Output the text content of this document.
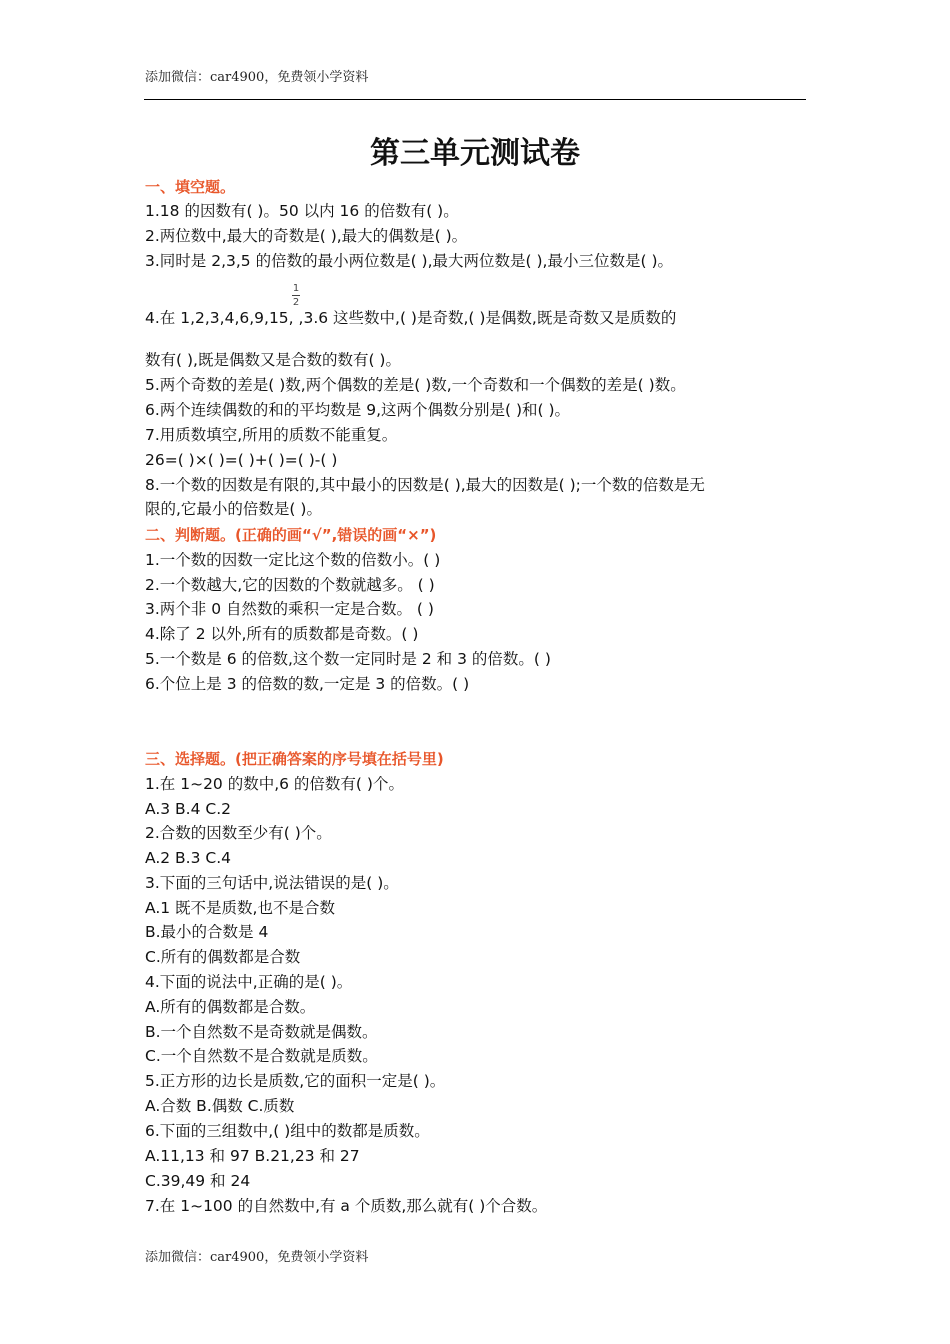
添加微信：car4900，免费领小学资料
第三单元测试卷
一、填空题。
1.18 的因数有( )。50 以内 16 的倍数有( )。
2.两位数中,最大的奇数是( ),最大的偶数是( )。
3.同时是 2,3,5 的倍数的最小两位数是( ),最大两位数是( ),最小三位数是( )。
1
2
4.在 1,2,3,4,6,9,15, ,3.6 这些数中,( )是奇数,( )是偶数,既是奇数又是质数的
数有( ),既是偶数又是合数的数有( )。
5.两个奇数的差是( )数,两个偶数的差是( )数,一个奇数和一个偶数的差是( )数。
6.两个连续偶数的和的平均数是 9,这两个偶数分别是( )和( )。
7.用质数填空,所用的质数不能重复。
26=( )×( )=( )+( )=( )-( )
8.一个数的因数是有限的,其中最小的因数是( ),最大的因数是( );一个数的倍数是无
限的,它最小的倍数是( )。
二、判断题。(正确的画“√”,错误的画“×”)
1.一个数的因数一定比这个数的倍数小。( )
2.一个数越大,它的因数的个数就越多。 ( )
3.两个非 0 自然数的乘积一定是合数。 ( )
4.除了 2 以外,所有的质数都是奇数。( )
5.一个数是 6 的倍数,这个数一定同时是 2 和 3 的倍数。( )
6.个位上是 3 的倍数的数,一定是 3 的倍数。( )
三、选择题。(把正确答案的序号填在括号里)
1.在 1~20 的数中,6 的倍数有( )个。
A.3 B.4 C.2
2.合数的因数至少有( )个。
A.2 B.3 C.4
3.下面的三句话中,说法错误的是( )。
A.1 既不是质数,也不是合数
B.最小的合数是 4
C.所有的偶数都是合数
4.下面的说法中,正确的是( )。
A.所有的偶数都是合数。
B.一个自然数不是奇数就是偶数。
C.一个自然数不是合数就是质数。
5.正方形的边长是质数,它的面积一定是( )。
A.合数 B.偶数 C.质数
6.下面的三组数中,( )组中的数都是质数。
A.11,13 和 97 B.21,23 和 27
C.39,49 和 24
7.在 1~100 的自然数中,有 a 个质数,那么就有( )个合数。
添加微信：car4900，免费领小学资料
